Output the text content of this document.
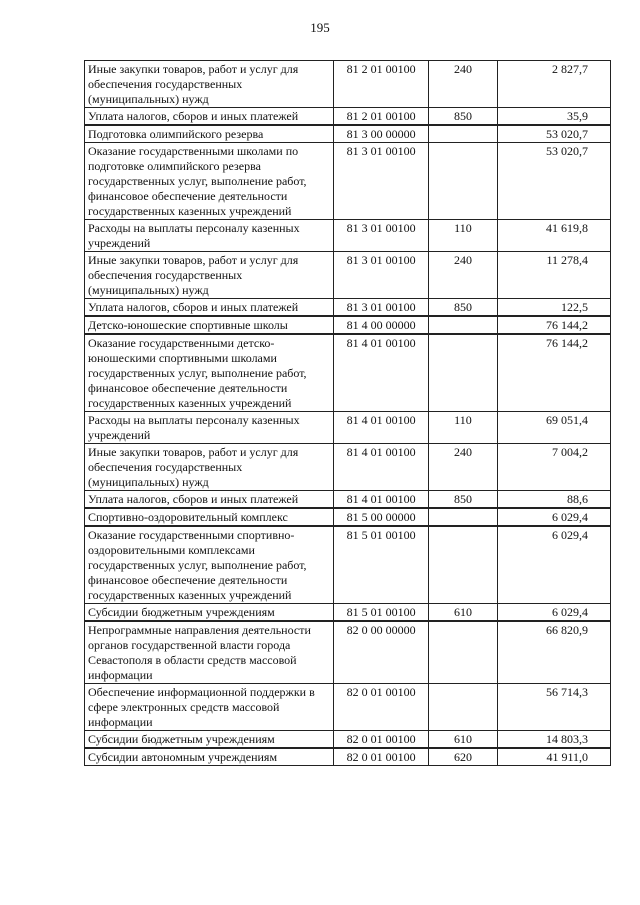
195
Иные закупки товаров, работ и услуг для обеспечения государственных (муниципальных) нужд	81 2 01 00100	240	2 827,7
Уплата налогов, сборов и иных платежей	81 2 01 00100	850	35,9
Подготовка олимпийского резерва	81 3 00 00000		53 020,7
Оказание государственными школами по подготовке олимпийского резерва государственных услуг, выполнение работ, финансовое обеспечение деятельности государственных казенных учреждений	81 3 01 00100		53 020,7
Расходы на выплаты персоналу казенных учреждений	81 3 01 00100	110	41 619,8
Иные закупки товаров, работ и услуг для обеспечения государственных (муниципальных) нужд	81 3 01 00100	240	11 278,4
Уплата налогов, сборов и иных платежей	81 3 01 00100	850	122,5
Детско-юношеские спортивные школы	81 4 00 00000		76 144,2
Оказание государственными детско-юношескими спортивными школами государственных услуг, выполнение работ, финансовое обеспечение деятельности государственных казенных учреждений	81 4 01 00100		76 144,2
Расходы на выплаты персоналу казенных учреждений	81 4 01 00100	110	69 051,4
Иные закупки товаров, работ и услуг для обеспечения государственных (муниципальных) нужд	81 4 01 00100	240	7 004,2
Уплата налогов, сборов и иных платежей	81 4 01 00100	850	88,6
Спортивно-оздоровительный комплекс	81 5 00 00000		6 029,4
Оказание государственными спортивно-оздоровительными комплексами государственных услуг, выполнение работ, финансовое обеспечение деятельности государственных казенных учреждений	81 5 01 00100		6 029,4
Субсидии бюджетным учреждениям	81 5 01 00100	610	6 029,4
Непрограммные направления деятельности органов государственной власти города Севастополя в области средств массовой информации	82 0 00 00000		66 820,9
Обеспечение информационной поддержки в сфере электронных средств массовой информации	82 0 01 00100		56 714,3
Субсидии бюджетным учреждениям	82 0 01 00100	610	14 803,3
Субсидии автономным учреждениям	82 0 01 00100	620	41 911,0
